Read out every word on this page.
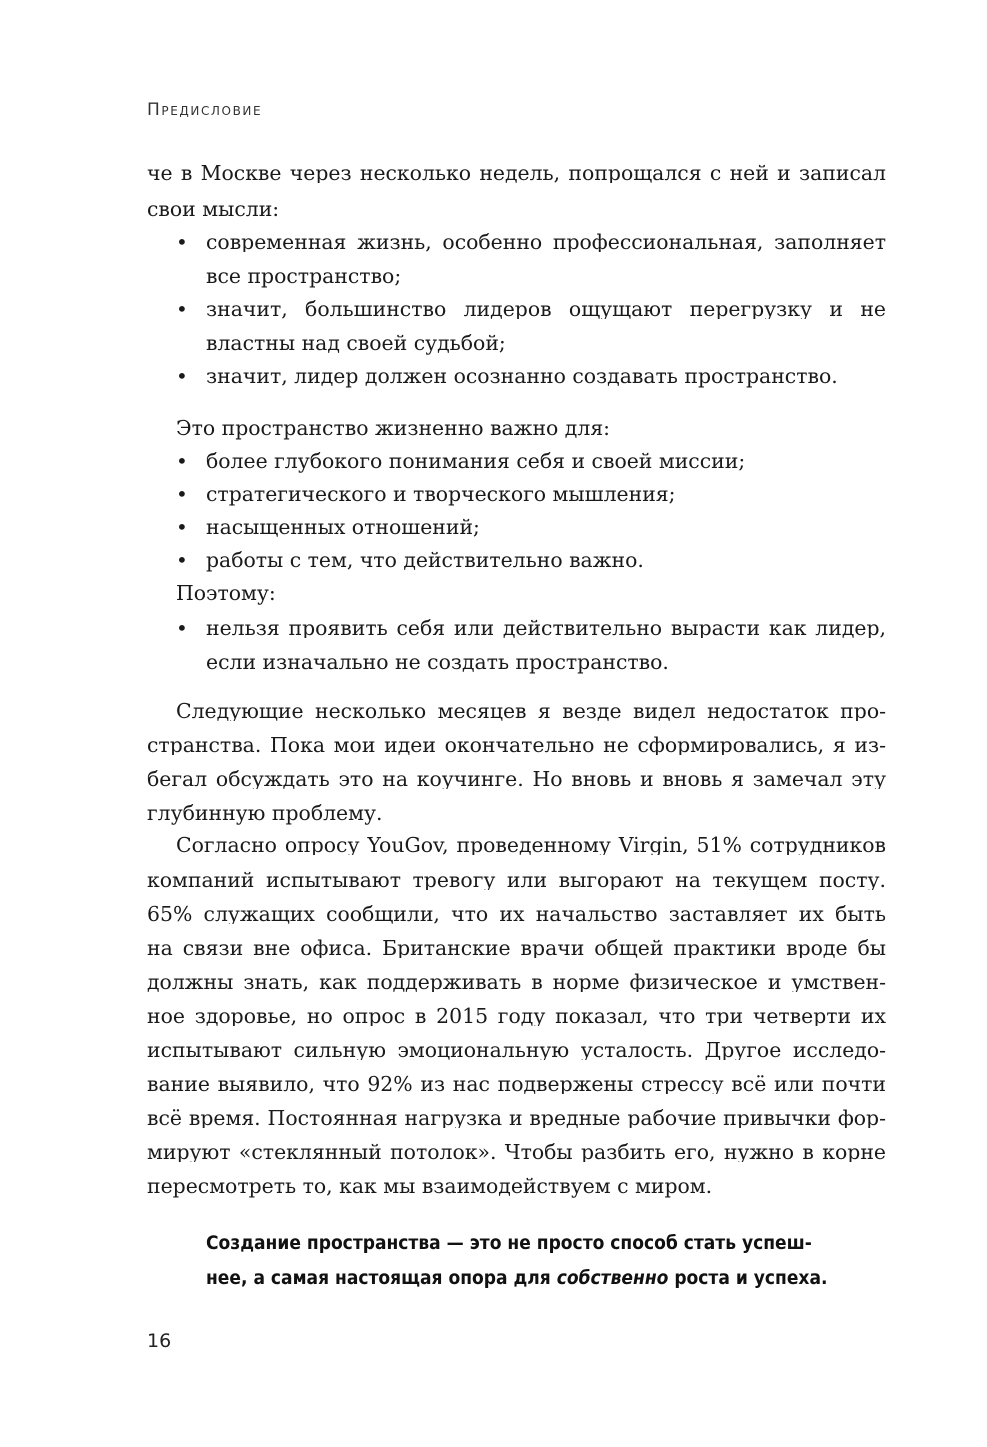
Предисловие
че в Москве через несколько недель, попрощался с ней и записал
свои мысли:
• современная жизнь, особенно профессиональная, заполняет
все пространство;
• значит, большинство лидеров ощущают перегрузку и не
властны над своей судьбой;
• значит, лидер должен осознанно создавать пространство.
Это пространство жизненно важно для:
• более глубокого понимания себя и своей миссии;
• стратегического и творческого мышления;
• насыщенных отношений;
• работы с тем, что действительно важно.
Поэтому:
• нельзя проявить себя или действительно вырасти как лидер,
если изначально не создать пространство.
Следующие несколько месяцев я везде видел недостаток про-
странства. Пока мои идеи окончательно не сформировались, я из-
бегал обсуждать это на коучинге. Но вновь и вновь я замечал эту
глубинную проблему.
Согласно опросу YouGov, проведенному Virgin, 51% сотрудников
компаний испытывают тревогу или выгорают на текущем посту.
65% служащих сообщили, что их начальство заставляет их быть
на связи вне офиса. Британские врачи общей практики вроде бы
должны знать, как поддерживать в норме физическое и умствен-
ное здоровье, но опрос в 2015 году показал, что три четверти их
испытывают сильную эмоциональную усталость. Другое исследо-
вание выявило, что 92% из нас подвержены стрессу всё или почти
всё время. Постоянная нагрузка и вредные рабочие привычки фор-
мируют «стеклянный потолок». Чтобы разбить его, нужно в корне
пересмотреть то, как мы взаимодействуем с миром.
Создание пространства — это не просто способ стать успеш-
нее, а самая настоящая опора для собственно роста и успеха.
16
